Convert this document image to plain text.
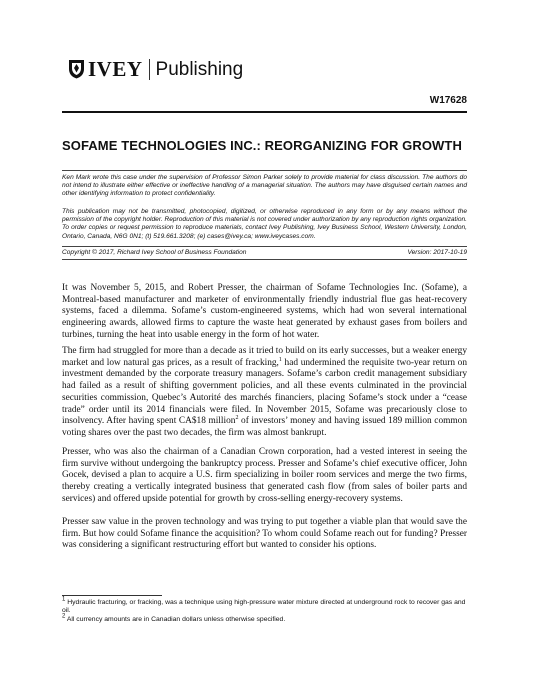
IVEY Publishing
W17628
SOFAME TECHNOLOGIES INC.: REORGANIZING FOR GROWTH
Ken Mark wrote this case under the supervision of Professor Simon Parker solely to provide material for class discussion. The authors do not intend to illustrate either effective or ineffective handling of a managerial situation. The authors may have disguised certain names and other identifying information to protect confidentiality.
This publication may not be transmitted, photocopied, digitized, or otherwise reproduced in any form or by any means without the permission of the copyright holder. Reproduction of this material is not covered under authorization by any reproduction rights organization. To order copies or request permission to reproduce materials, contact Ivey Publishing, Ivey Business School, Western University, London, Ontario, Canada, N6G 0N1; (t) 519.661.3208; (e) cases@ivey.ca; www.iveycases.com.
Copyright © 2017, Richard Ivey School of Business Foundation	Version: 2017-10-19
It was November 5, 2015, and Robert Presser, the chairman of Sofame Technologies Inc. (Sofame), a Montreal-based manufacturer and marketer of environmentally friendly industrial flue gas heat-recovery systems, faced a dilemma. Sofame’s custom-engineered systems, which had won several international engineering awards, allowed firms to capture the waste heat generated by exhaust gases from boilers and turbines, turning the heat into usable energy in the form of hot water.
The firm had struggled for more than a decade as it tried to build on its early successes, but a weaker energy market and low natural gas prices, as a result of fracking,$^1$ had undermined the requisite two-year return on investment demanded by the corporate treasury managers. Sofame’s carbon credit management subsidiary had failed as a result of shifting government policies, and all these events culminated in the provincial securities commission, Quebec’s Autorité des marchés financiers, placing Sofame’s stock under a “cease trade” order until its 2014 financials were filed. In November 2015, Sofame was precariously close to insolvency. After having spent CA$18 million$^2$ of investors’ money and having issued 189 million common voting shares over the past two decades, the firm was almost bankrupt.
Presser, who was also the chairman of a Canadian Crown corporation, had a vested interest in seeing the firm survive without undergoing the bankruptcy process. Presser and Sofame’s chief executive officer, John Gocek, devised a plan to acquire a U.S. firm specializing in boiler room services and merge the two firms, thereby creating a vertically integrated business that generated cash flow (from sales of boiler parts and services) and offered upside potential for growth by cross-selling energy-recovery systems.
Presser saw value in the proven technology and was trying to put together a viable plan that would save the firm. But how could Sofame finance the acquisition? To whom could Sofame reach out for funding? Presser was considering a significant restructuring effort but wanted to consider his options.
$^1$ Hydraulic fracturing, or fracking, was a technique using high-pressure water mixture directed at underground rock to recover gas and oil.
$^2$ All currency amounts are in Canadian dollars unless otherwise specified.
